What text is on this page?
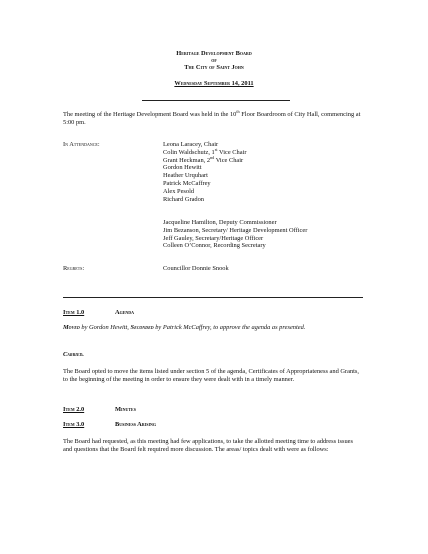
Heritage Development Board
of
The City of Saint John
Wednesday September 14, 2011
The meeting of the Heritage Development Board was held in the 10th Floor Boardroom of City Hall, commencing at 5:00 pm.
In Attendance:	Leona Laracey, Chair
Colin Waldschutz, 1st Vice Chair
Grant Heckman, 2nd Vice Chair
Gordon Hewitt
Heather Urquhart
Patrick McCaffrey
Alex Pesold
Richard Gradon
Jacqueline Hamilton, Deputy Commissioner
Jim Bezanson, Secretary/ Heritage Development Officer
Jeff Gauley, Secretary/Heritage Officer
Colleen O’Connor, Recording Secretary
Regrets:	Councillor Donnie Snook
Item 1.0	Agenda
Moved by Gordon Hewitt, Seconded by Patrick McCaffrey, to approve the agenda as presented.
Carried.
The Board opted to move the items listed under section 5 of the agenda, Certificates of Appropriateness and Grants, to the beginning of the meeting in order to ensure they were dealt with in a timely manner.
Item 2.0	Minutes
Item 3.0	Business Arising
The Board had requested, as this meeting had few applications, to take the allotted meeting time to address issues and questions that the Board felt required more discussion. The areas/ topics dealt with were as follows:
